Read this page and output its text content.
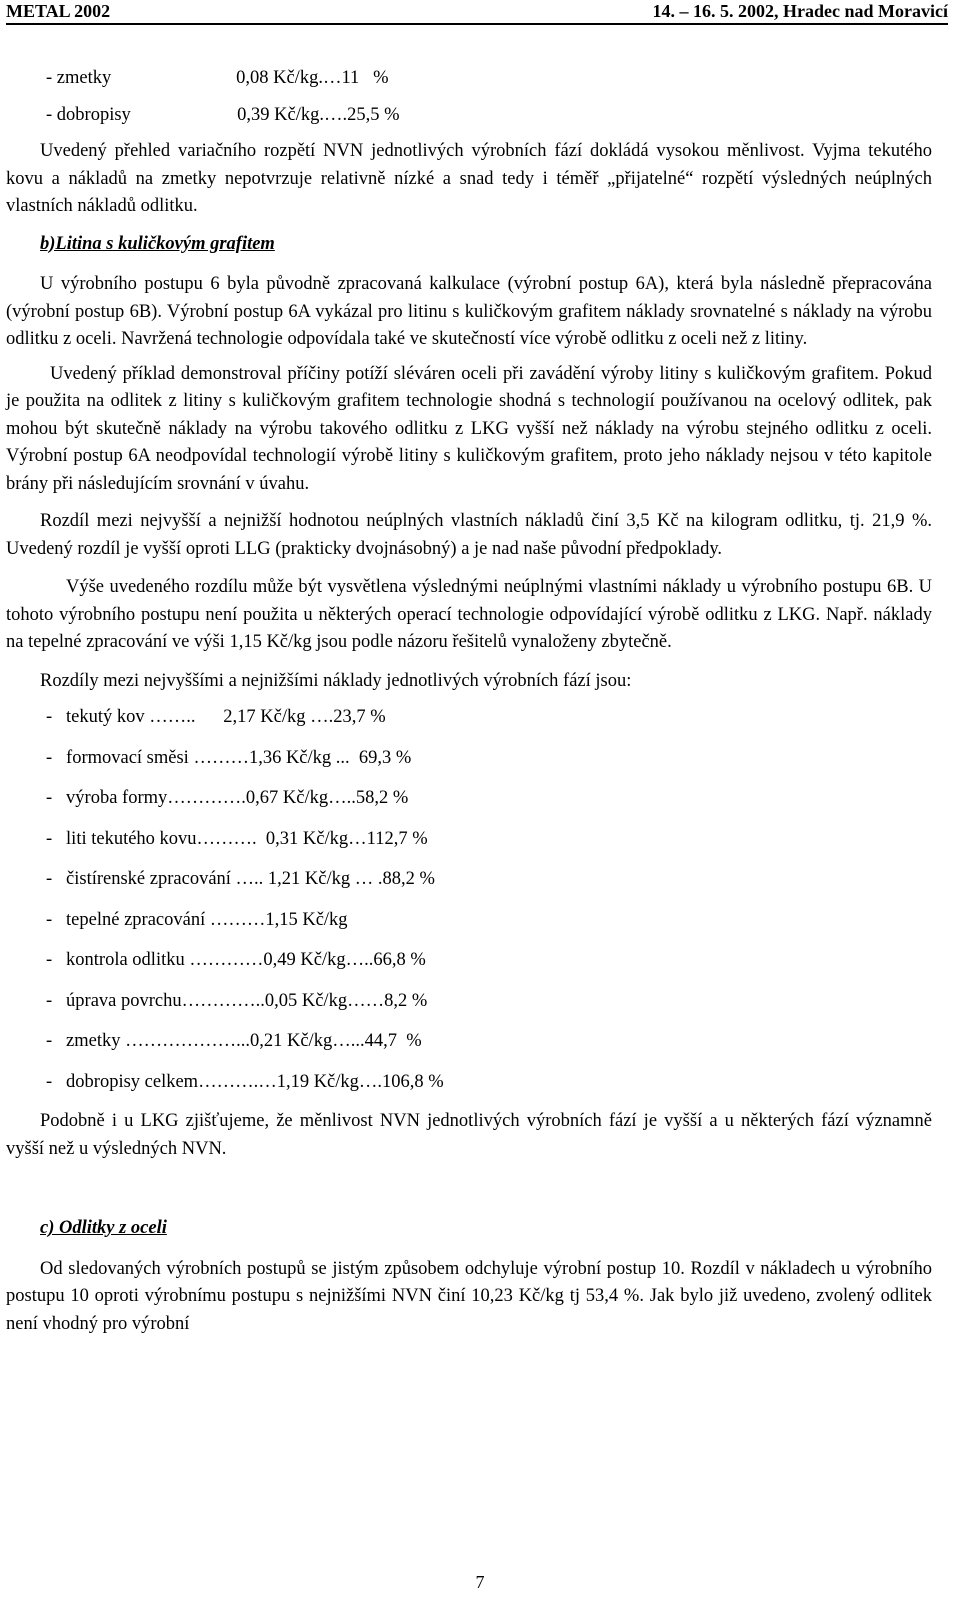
METAL 2002	14. – 16. 5. 2002, Hradec nad Moravicí
- zmetky                           0,08 Kč/kg.…11   %
- dobropisy                       0,39 Kč/kg.….25,5 %

Uvedený přehled variačního rozpětí NVN jednotlivých výrobních fází dokládá vysokou měnlivost. Vyjma tekutého kovu a nákladů na zmetky nepotvrzuje relativně nízké a snad tedy i téměř „přijatelné“ rozpětí výsledných neúplných vlastních nákladů odlitku.

b)Litina s kuličkovým grafitem

U výrobního postupu 6 byla původně zpracovaná kalkulace (výrobní postup 6A), která byla následně přepracována (výrobní postup 6B). Výrobní postup 6A vykázal pro litinu s kuličkovým grafitem náklady srovnatelné s náklady na výrobu odlitku z oceli. Navržená technologie odpovídala také ve skutečností více výrobě odlitku z oceli než z litiny.

Uvedený příklad demonstroval příčiny potíží sléváren oceli při zavádění výroby litiny s kuličkovým grafitem. Pokud je použita na odlitek z litiny s kuličkovým grafitem technologie shodná s technologií používanou na ocelový odlitek, pak mohou být skutečně náklady na výrobu takového odlitku z LKG vyšší než náklady na výrobu stejného odlitku z oceli. Výrobní postup 6A neodpovídal technologií výrobě litiny s kuličkovým grafitem, proto jeho náklady nejsou v této kapitole brány při následujícím srovnání v úvahu.

Rozdíl mezi nejvyšší a nejnižší hodnotou neúplných vlastních nákladů činí 3,5 Kč na kilogram odlitku, tj. 21,9 %. Uvedený rozdíl je vyšší oproti LLG (prakticky dvojnásobný) a je nad naše původní předpoklady.

Výše uvedeného rozdílu může být vysvětlena výslednými neúplnými vlastními náklady u výrobního postupu 6B. U tohoto výrobního postupu není použita u některých operací technologie odpovídající výrobě odlitku z LKG. Např. náklady na tepelné zpracování ve výši 1,15 Kč/kg jsou podle názoru řešitelů vynaloženy zbytečně.

Rozdíly mezi nejvyššími a nejnižšími náklady jednotlivých výrobních fází jsou:

-   tekutý kov ……..      2,17 Kč/kg ….23,7 %
-   formovací směsi ………1,36 Kč/kg ...  69,3 %
-   výroba formy………….0,67 Kč/kg…..58,2 %
-   liti tekutého kovu……….  0,31 Kč/kg…112,7 %
-   čistírenské zpracování ….. 1,21 Kč/kg … .88,2 %
-   tepelné zpracování ………1,15 Kč/kg
-   kontrola odlitku …………0,49 Kč/kg…..66,8 %
-   úprava povrchu…………..0,05 Kč/kg……8,2 %
-   zmetky ………………...0,21 Kč/kg…...44,7  %
-   dobropisy celkem……….…1,19 Kč/kg….106,8 %

Podobně i u LKG zjišťujeme, že měnlivost NVN jednotlivých výrobních fází je vyšší a u některých fází významně vyšší než u výsledných NVN.

c) Odlitky z oceli

Od sledovaných výrobních postupů se jistým způsobem odchyluje výrobní postup 10. Rozdíl v nákladech u výrobního postupu 10 oproti výrobnímu postupu s nejnižšími NVN činí 10,23 Kč/kg tj 53,4 %. Jak bylo již uvedeno, zvolený odlitek není vhodný pro výrobní

7
